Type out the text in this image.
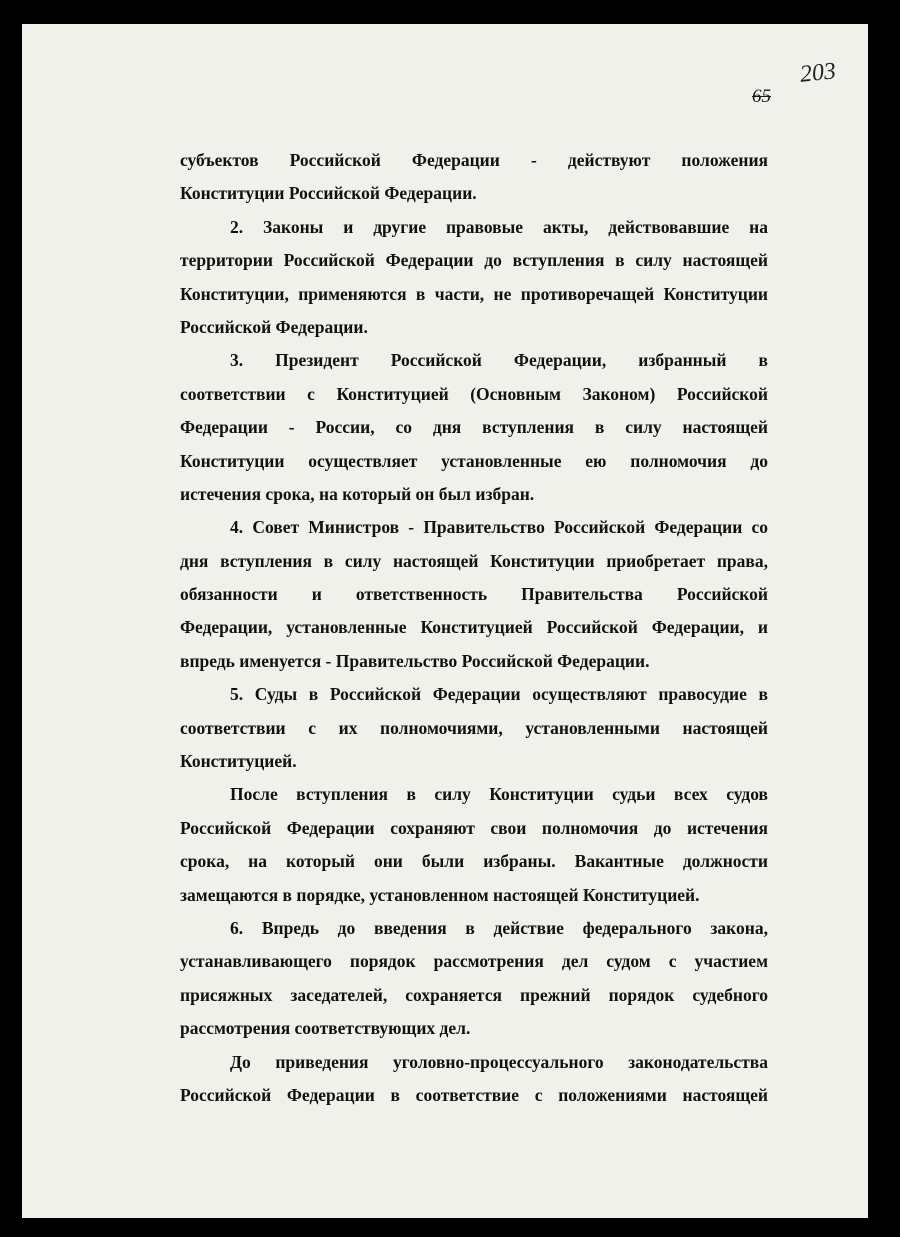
203
65
субъектов Российской Федерации - действуют положения
Конституции Российской Федерации.
2. Законы и другие правовые акты, действовавшие на
территории Российской Федерации до вступления в силу настоящей
Конституции, применяются в части, не противоречащей Конституции
Российской Федерации.
3. Президент Российской Федерации, избранный в
соответствии с Конституцией (Основным Законом) Российской
Федерации - России, со дня вступления в силу настоящей
Конституции осуществляет установленные ею полномочия до
истечения срока, на который он был избран.
4. Совет Министров - Правительство Российской Федерации со
дня вступления в силу настоящей Конституции приобретает права,
обязанности и ответственность Правительства Российской
Федерации, установленные Конституцией Российской Федерации, и
впредь именуется - Правительство Российской Федерации.
5. Суды в Российской Федерации осуществляют правосудие в
соответствии с их полномочиями, установленными настоящей
Конституцией.
После вступления в силу Конституции судьи всех судов
Российской Федерации сохраняют свои полномочия до истечения
срока, на который они были избраны. Вакантные должности
замещаются в порядке, установленном настоящей Конституцией.
6. Впредь до введения в действие федерального закона,
устанавливающего порядок рассмотрения дел судом с участием
присяжных заседателей, сохраняется прежний порядок судебного
рассмотрения соответствующих дел.
До приведения уголовно-процессуального законодательства
Российской Федерации в соответствие с положениями настоящей
